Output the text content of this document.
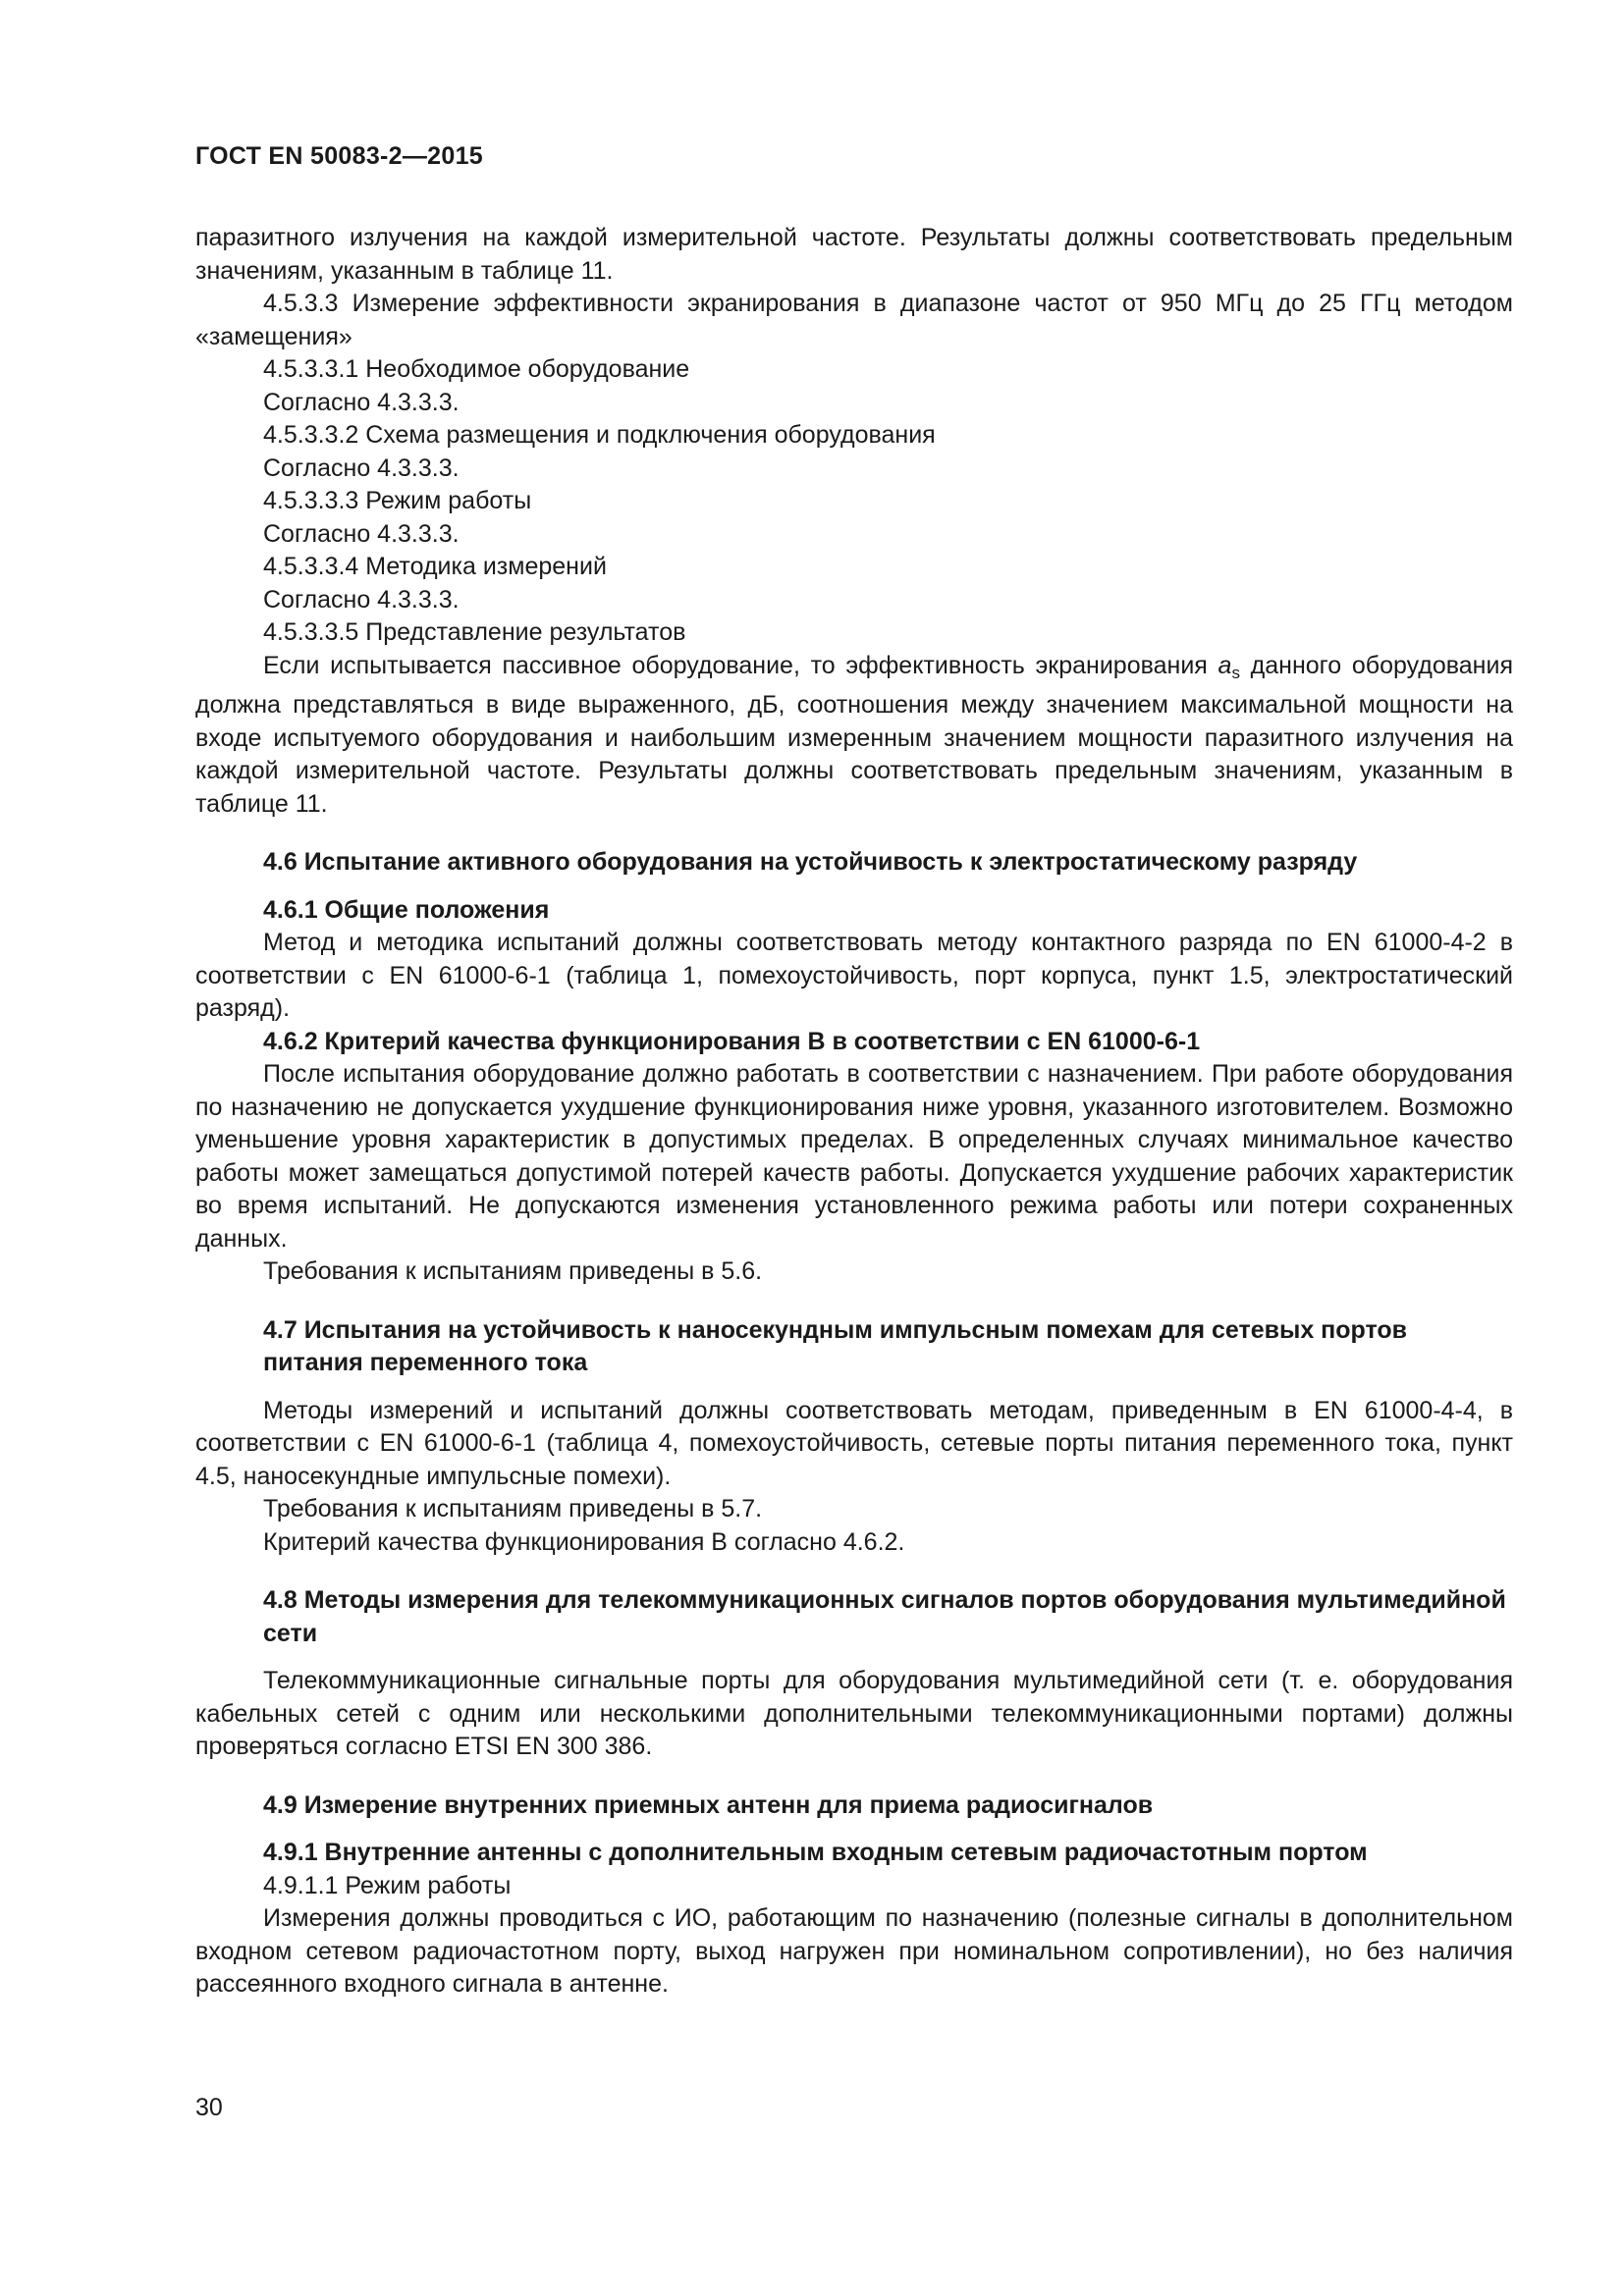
ГОСТ EN 50083-2—2015

паразитного излучения на каждой измерительной частоте. Результаты должны соответствовать предельным значениям, указанным в таблице 11.

4.5.3.3 Измерение эффективности экранирования в диапазоне частот от 950 МГц до 25 ГГц методом «замещения»

4.5.3.3.1 Необходимое оборудование

Согласно 4.3.3.3.

4.5.3.3.2 Схема размещения и подключения оборудования

Согласно 4.3.3.3.

4.5.3.3.3 Режим работы

Согласно 4.3.3.3.

4.5.3.3.4 Методика измерений

Согласно 4.3.3.3.

4.5.3.3.5 Представление результатов

Если испытывается пассивное оборудование, то эффективность экранирования $a_s$ данного оборудования должна представляться в виде выраженного, дБ, соотношения между значением максимальной мощности на входе испытуемого оборудования и наибольшим измеренным значением мощности паразитного излучения на каждой измерительной частоте. Результаты должны соответствовать предельным значениям, указанным в таблице 11.

4.6 Испытание активного оборудования на устойчивость к электростатическому разряду

4.6.1 Общие положения

Метод и методика испытаний должны соответствовать методу контактного разряда по EN 61000-4-2 в соответствии с EN 61000-6-1 (таблица 1, помехоустойчивость, порт корпуса, пункт 1.5, электростатический разряд).

4.6.2 Критерий качества функционирования B в соответствии с EN 61000-6-1

После испытания оборудование должно работать в соответствии с назначением. При работе оборудования по назначению не допускается ухудшение функционирования ниже уровня, указанного изготовителем. Возможно уменьшение уровня характеристик в допустимых пределах. В определенных случаях минимальное качество работы может замещаться допустимой потерей качеств работы. Допускается ухудшение рабочих характеристик во время испытаний. Не допускаются изменения установленного режима работы или потери сохраненных данных.

Требования к испытаниям приведены в 5.6.

4.7 Испытания на устойчивость к наносекундным импульсным помехам для сетевых портов питания переменного тока

Методы измерений и испытаний должны соответствовать методам, приведенным в EN 61000-4-4, в соответствии с EN 61000-6-1 (таблица 4, помехоустойчивость, сетевые порты питания переменного тока, пункт 4.5, наносекундные импульсные помехи).

Требования к испытаниям приведены в 5.7.

Критерий качества функционирования B согласно 4.6.2.

4.8 Методы измерения для телекоммуникационных сигналов портов оборудования мультимедийной сети

Телекоммуникационные сигнальные порты для оборудования мультимедийной сети (т. е. оборудования кабельных сетей с одним или несколькими дополнительными телекоммуникационными портами) должны проверяться согласно ETSI EN 300 386.

4.9 Измерение внутренних приемных антенн для приема радиосигналов

4.9.1 Внутренние антенны с дополнительным входным сетевым радиочастотным портом

4.9.1.1 Режим работы

Измерения должны проводиться с ИО, работающим по назначению (полезные сигналы в дополнительном входном сетевом радиочастотном порту, выход нагружен при номинальном сопротивлении), но без наличия рассеянного входного сигнала в антенне.

30
